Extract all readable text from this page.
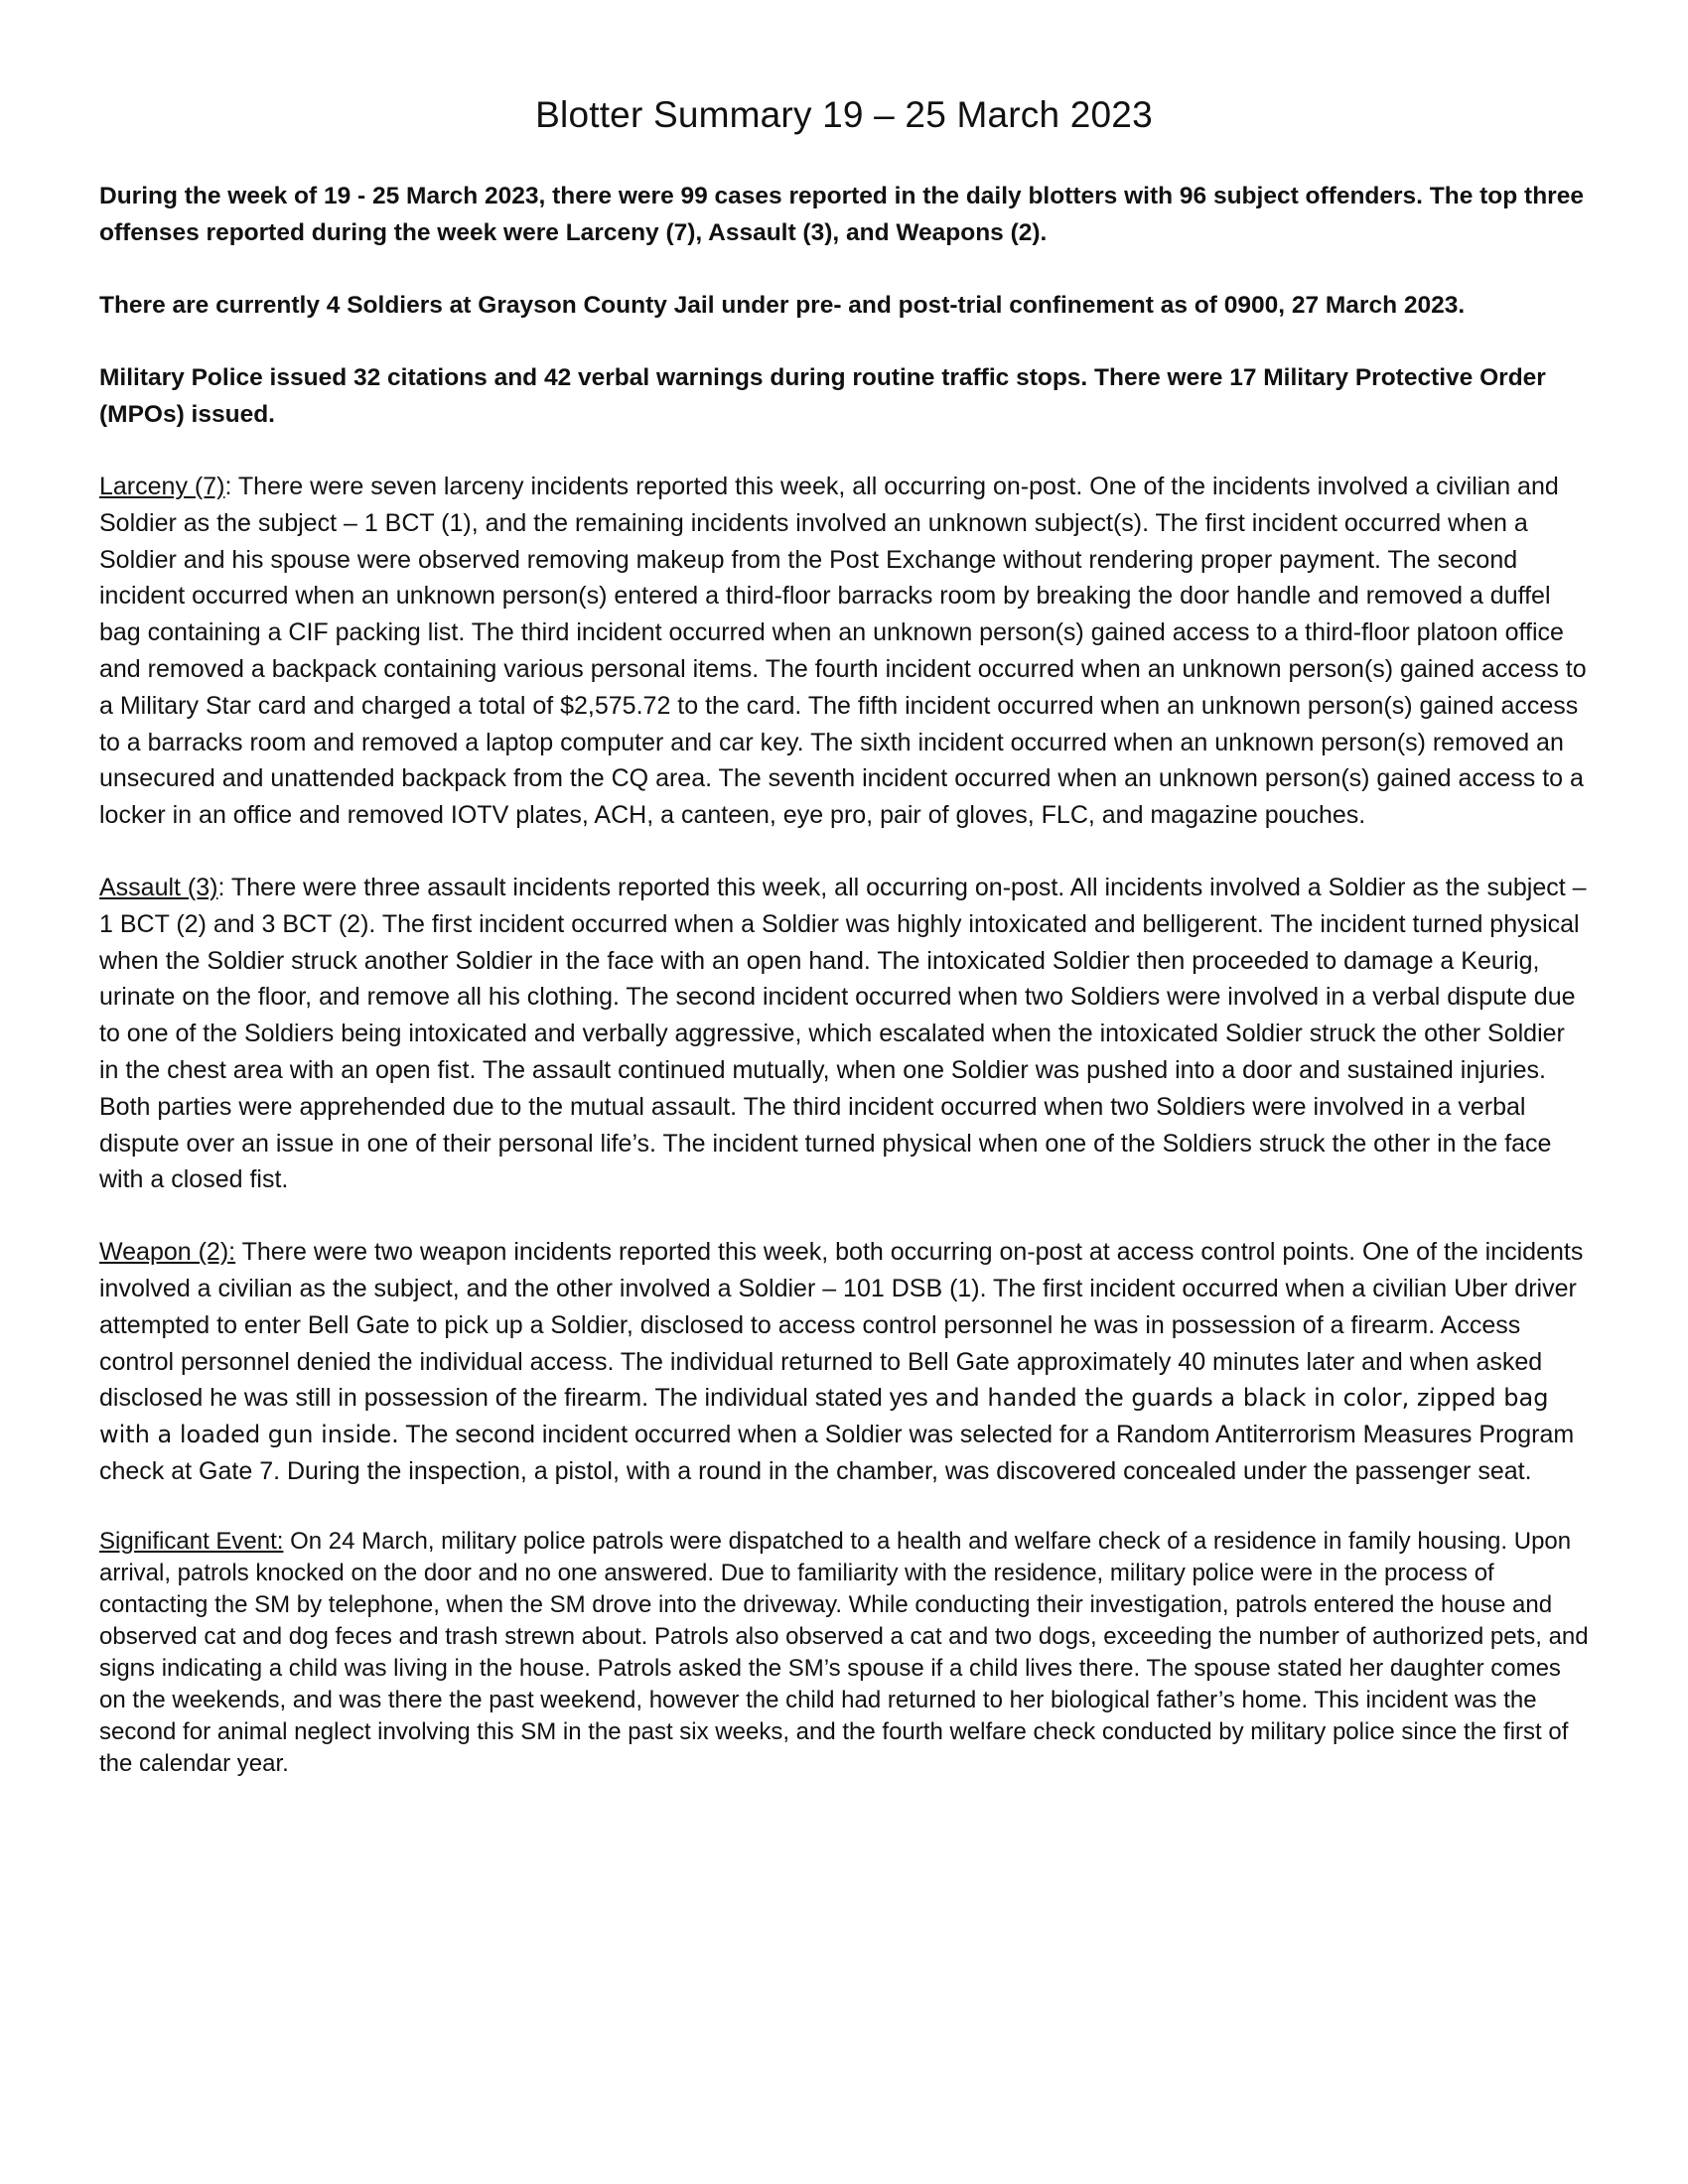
Blotter Summary 19 – 25 March 2023

During the week of 19 - 25 March 2023, there were 99 cases reported in the daily blotters with 96 subject offenders. The top three offenses reported during the week were Larceny (7), Assault (3), and Weapons (2).

There are currently 4 Soldiers at Grayson County Jail under pre- and post-trial confinement as of 0900, 27 March 2023.

Military Police issued 32 citations and 42 verbal warnings during routine traffic stops. There were 17 Military Protective Order (MPOs) issued.

Larceny (7): There were seven larceny incidents reported this week, all occurring on-post. One of the incidents involved a civilian and Soldier as the subject – 1 BCT (1), and the remaining incidents involved an unknown subject(s). The first incident occurred when a Soldier and his spouse were observed removing makeup from the Post Exchange without rendering proper payment. The second incident occurred when an unknown person(s) entered a third-floor barracks room by breaking the door handle and removed a duffel bag containing a CIF packing list. The third incident occurred when an unknown person(s) gained access to a third-floor platoon office and removed a backpack containing various personal items. The fourth incident occurred when an unknown person(s) gained access to a Military Star card and charged a total of $2,575.72 to the card. The fifth incident occurred when an unknown person(s) gained access to a barracks room and removed a laptop computer and car key. The sixth incident occurred when an unknown person(s) removed an unsecured and unattended backpack from the CQ area. The seventh incident occurred when an unknown person(s) gained access to a locker in an office and removed IOTV plates, ACH, a canteen, eye pro, pair of gloves, FLC, and magazine pouches.

Assault (3): There were three assault incidents reported this week, all occurring on-post. All incidents involved a Soldier as the subject – 1 BCT (2) and 3 BCT (2). The first incident occurred when a Soldier was highly intoxicated and belligerent. The incident turned physical when the Soldier struck another Soldier in the face with an open hand. The intoxicated Soldier then proceeded to damage a Keurig, urinate on the floor, and remove all his clothing. The second incident occurred when two Soldiers were involved in a verbal dispute due to one of the Soldiers being intoxicated and verbally aggressive, which escalated when the intoxicated Soldier struck the other Soldier in the chest area with an open fist. The assault continued mutually, when one Soldier was pushed into a door and sustained injuries. Both parties were apprehended due to the mutual assault. The third incident occurred when two Soldiers were involved in a verbal dispute over an issue in one of their personal life’s. The incident turned physical when one of the Soldiers struck the other in the face with a closed fist.

Weapon (2): There were two weapon incidents reported this week, both occurring on-post at access control points. One of the incidents involved a civilian as the subject, and the other involved a Soldier – 101 DSB (1). The first incident occurred when a civilian Uber driver attempted to enter Bell Gate to pick up a Soldier, disclosed to access control personnel he was in possession of a firearm. Access control personnel denied the individual access. The individual returned to Bell Gate approximately 40 minutes later and when asked disclosed he was still in possession of the firearm. The individual stated yes and handed the guards a black in color, zipped bag with a loaded gun inside. The second incident occurred when a Soldier was selected for a Random Antiterrorism Measures Program check at Gate 7. During the inspection, a pistol, with a round in the chamber, was discovered concealed under the passenger seat.

Significant Event: On 24 March, military police patrols were dispatched to a health and welfare check of a residence in family housing. Upon arrival, patrols knocked on the door and no one answered. Due to familiarity with the residence, military police were in the process of contacting the SM by telephone, when the SM drove into the driveway. While conducting their investigation, patrols entered the house and observed cat and dog feces and trash strewn about. Patrols also observed a cat and two dogs, exceeding the number of authorized pets, and signs indicating a child was living in the house. Patrols asked the SM’s spouse if a child lives there. The spouse stated her daughter comes on the weekends, and was there the past weekend, however the child had returned to her biological father’s home. This incident was the second for animal neglect involving this SM in the past six weeks, and the fourth welfare check conducted by military police since the first of the calendar year.
